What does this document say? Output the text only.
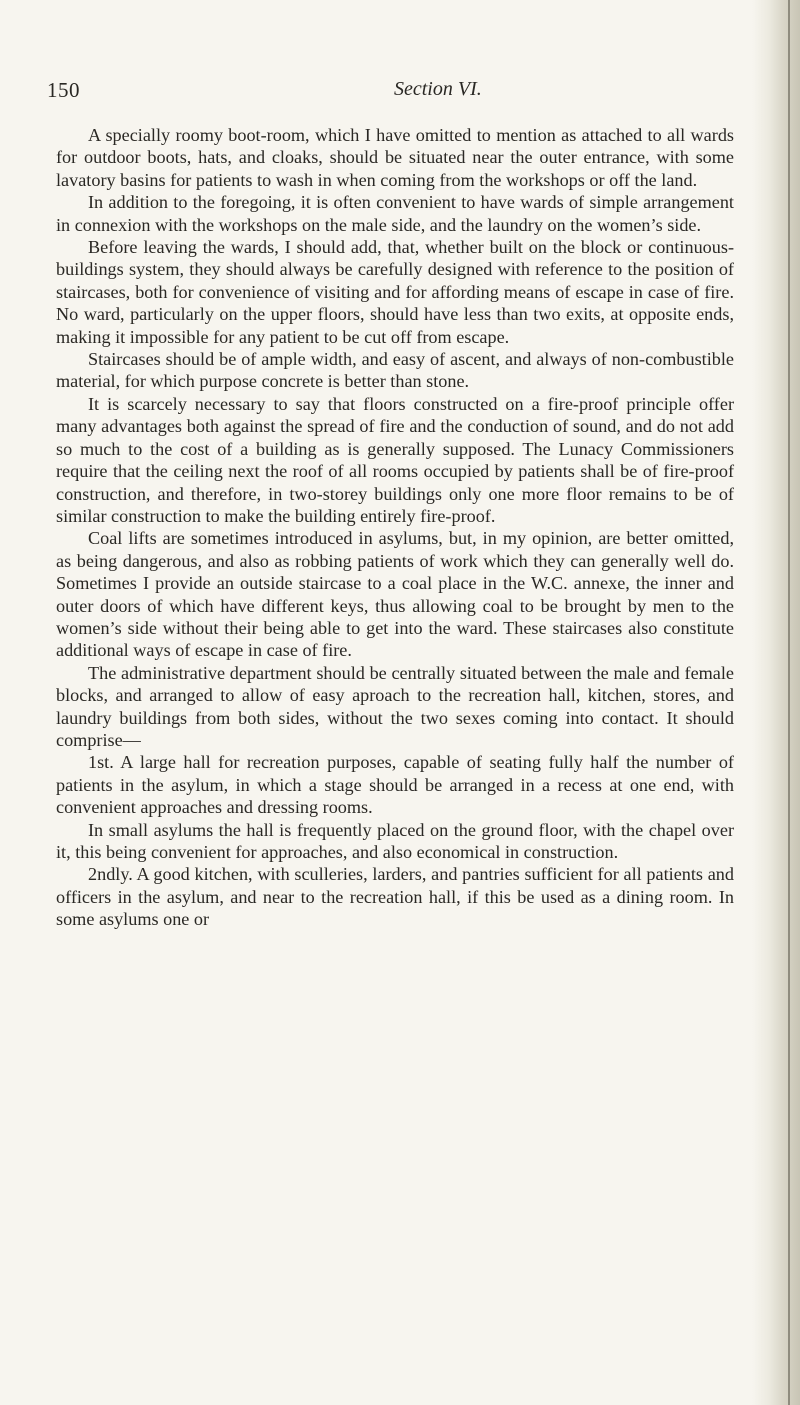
150	Section VI.

A specially roomy boot-room, which I have omitted to mention as attached to all wards for outdoor boots, hats, and cloaks, should be situated near the outer entrance, with some lavatory basins for patients to wash in when coming from the workshops or off the land.

In addition to the foregoing, it is often convenient to have wards of simple arrangement in connexion with the workshops on the male side, and the laundry on the women’s side.

Before leaving the wards, I should add, that, whether built on the block or continuous-buildings system, they should always be carefully designed with reference to the position of staircases, both for convenience of visiting and for affording means of escape in case of fire. No ward, particularly on the upper floors, should have less than two exits, at opposite ends, making it impossible for any patient to be cut off from escape.

Staircases should be of ample width, and easy of ascent, and always of non-combustible material, for which purpose concrete is better than stone.

It is scarcely necessary to say that floors constructed on a fire-proof principle offer many advantages both against the spread of fire and the conduction of sound, and do not add so much to the cost of a building as is generally supposed. The Lunacy Commissioners require that the ceiling next the roof of all rooms occupied by patients shall be of fire-proof construction, and therefore, in two-storey buildings only one more floor remains to be of similar construction to make the building entirely fire-proof.

Coal lifts are sometimes introduced in asylums, but, in my opinion, are better omitted, as being dangerous, and also as robbing patients of work which they can generally well do. Sometimes I provide an outside staircase to a coal place in the W.C. annexe, the inner and outer doors of which have different keys, thus allowing coal to be brought by men to the women’s side without their being able to get into the ward. These staircases also constitute additional ways of escape in case of fire.

The administrative department should be centrally situated between the male and female blocks, and arranged to allow of easy aproach to the recreation hall, kitchen, stores, and laundry buildings from both sides, without the two sexes coming into contact. It should comprise—

1st. A large hall for recreation purposes, capable of seating fully half the number of patients in the asylum, in which a stage should be arranged in a recess at one end, with convenient approaches and dressing rooms.

In small asylums the hall is frequently placed on the ground floor, with the chapel over it, this being convenient for approaches, and also economical in construction.

2ndly. A good kitchen, with sculleries, larders, and pantries sufficient for all patients and officers in the asylum, and near to the recreation hall, if this be used as a dining room. In some asylums one or
